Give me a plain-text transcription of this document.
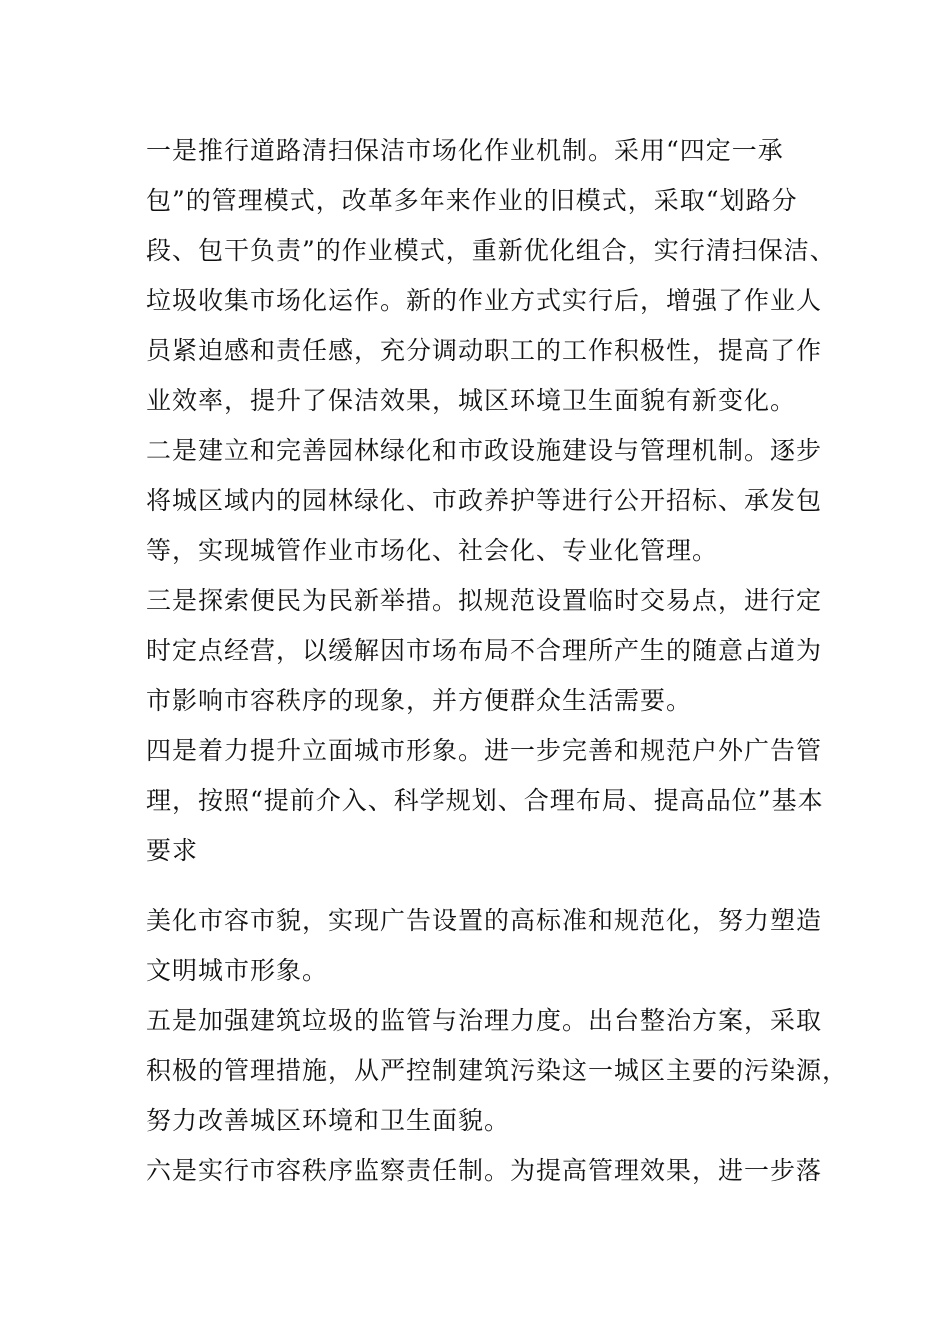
一是推行道路清扫保洁市场化作业机制。采用“四定一承
包”的管理模式，改革多年来作业的旧模式，采取“划路分
段、包干负责”的作业模式，重新优化组合，实行清扫保洁、
垃圾收集市场化运作。新的作业方式实行后，增强了作业人
员紧迫感和责任感，充分调动职工的工作积极性，提高了作
业效率，提升了保洁效果，城区环境卫生面貌有新变化。
二是建立和完善园林绿化和市政设施建设与管理机制。逐步
将城区域内的园林绿化、市政养护等进行公开招标、承发包
等，实现城管作业市场化、社会化、专业化管理。
三是探索便民为民新举措。拟规范设置临时交易点，进行定
时定点经营，以缓解因市场布局不合理所产生的随意占道为
市影响市容秩序的现象，并方便群众生活需要。
四是着力提升立面城市形象。进一步完善和规范户外广告管
理，按照“提前介入、科学规划、合理布局、提高品位”基本
要求
美化市容市貌，实现广告设置的高标准和规范化，努力塑造
文明城市形象。
五是加强建筑垃圾的监管与治理力度。出台整治方案，采取
积极的管理措施，从严控制建筑污染这一城区主要的污染源，
努力改善城区环境和卫生面貌。
六是实行市容秩序监察责任制。为提高管理效果，进一步落
